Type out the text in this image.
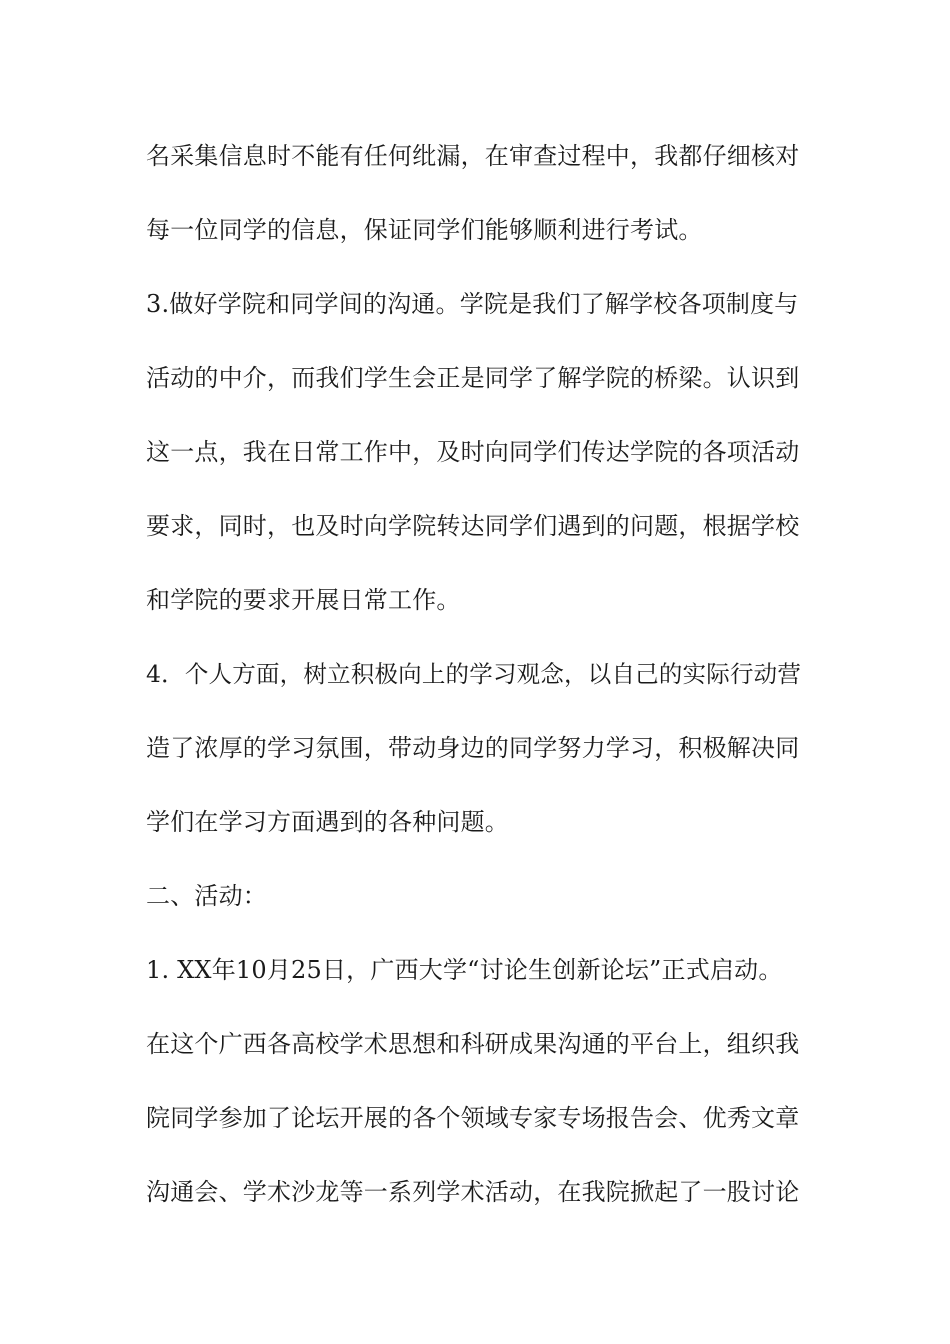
名采集信息时不能有任何纰漏，在审查过程中，我都仔细核对
每一位同学的信息，保证同学们能够顺利进行考试。
3.做好学院和同学间的沟通。学院是我们了解学校各项制度与
活动的中介，而我们学生会正是同学了解学院的桥梁。认识到
这一点，我在日常工作中，及时向同学们传达学院的各项活动
要求，同时，也及时向学院转达同学们遇到的问题，根据学校
和学院的要求开展日常工作。
4．个人方面，树立积极向上的学习观念，以自己的实际行动营
造了浓厚的学习氛围，带动身边的同学努力学习，积极解决同
学们在学习方面遇到的各种问题。
二、活动：
1. XX年10月25日，广西大学“讨论生创新论坛”正式启动。
在这个广西各高校学术思想和科研成果沟通的平台上，组织我
院同学参加了论坛开展的各个领域专家专场报告会、优秀文章
沟通会、学术沙龙等一系列学术活动，在我院掀起了一股讨论
